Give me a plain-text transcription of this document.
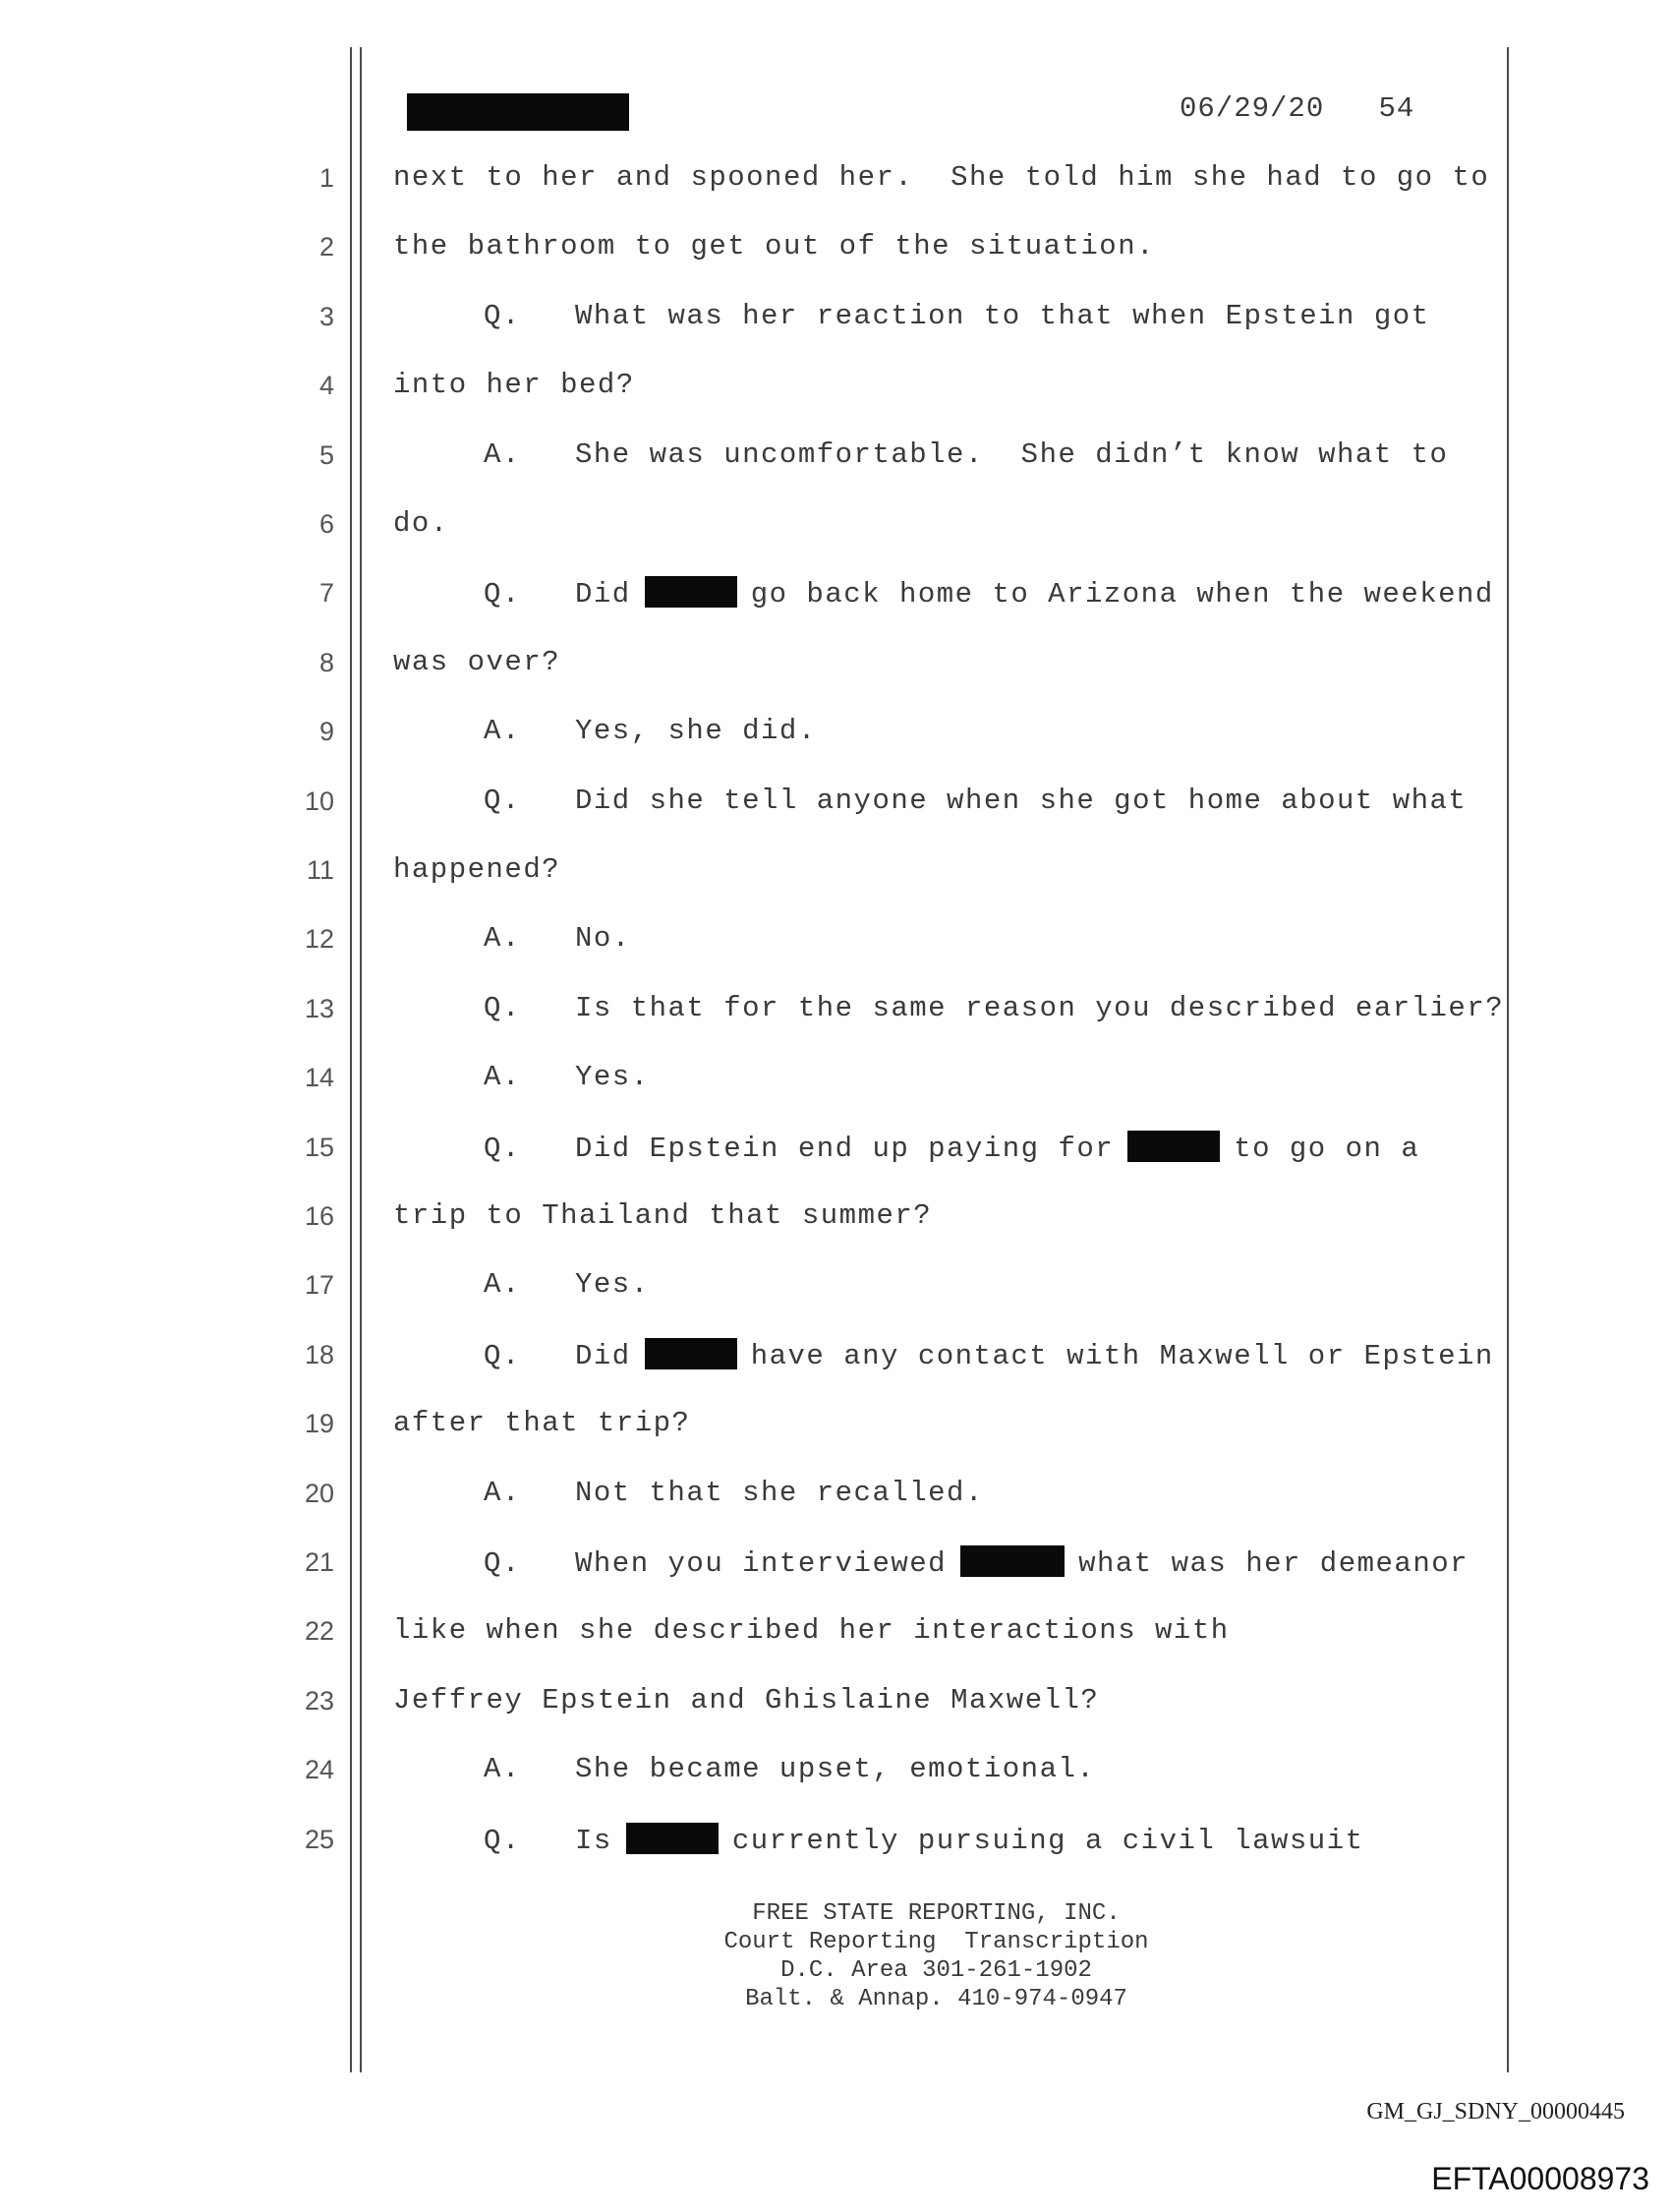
06/29/20 54
1 next to her and spooned her.  She told him she had to go to
2 the bathroom to get out of the situation.
3	Q. What was her reaction to that when Epstein got
4 into her bed?
5	A. She was uncomfortable.  She didn’t know what to
6 do.
7	Q. Did	go back home to Arizona when the weekend
8 was over?
9	A. Yes, she did.
10	Q. Did she tell anyone when she got home about what
11 happened?
12	A. No.
13	Q. Is that for the same reason you described earlier?
14	A. Yes.
15	Q. Did Epstein end up paying for	to go on a
16 trip to Thailand that summer?
17	A. Yes.
18	Q. Did	have any contact with Maxwell or Epstein
19 after that trip?
20	A. Not that she recalled.
21	Q. When you interviewed	what was her demeanor
22 like when she described her interactions with
23 Jeffrey Epstein and Ghislaine Maxwell?
24	A. She became upset, emotional.
25	Q. Is	currently pursuing a civil lawsuit
FREE STATE REPORTING, INC.
Court Reporting  Transcription
D.C. Area 301-261-1902
Balt. & Annap. 410-974-0947
GM_GJ_SDNY_00000445
EFTA00008973
